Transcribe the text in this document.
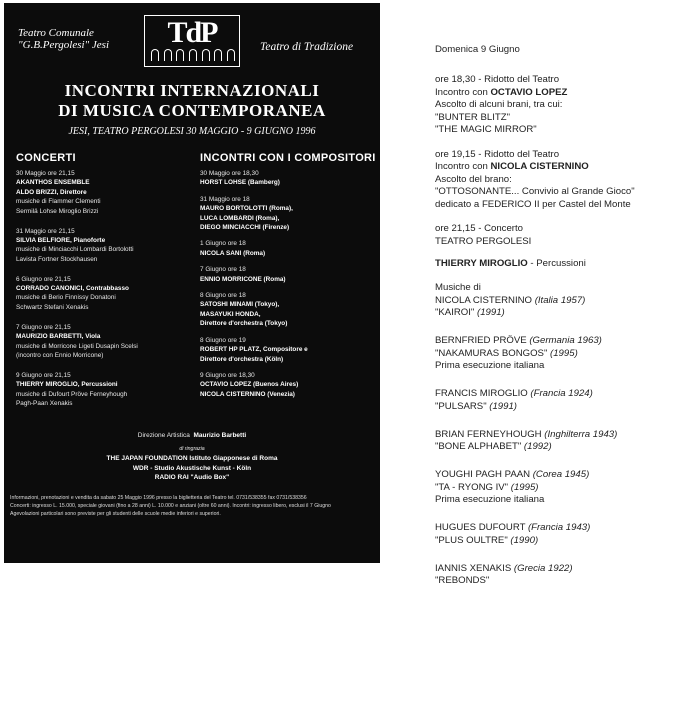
Teatro Comunale
"G.B.Pergolesi" Jesi	TdP	Teatro di Tradizione
INCONTRI INTERNAZIONALI
DI MUSICA CONTEMPORANEA
JESI, TEATRO PERGOLESI 30 MAGGIO - 9 GIUGNO 1996
CONCERTI	INCONTRI CON I COMPOSITORI
30 Maggio ore 21,15
AKANTHOS ENSEMBLE
ALDO BRIZZI, Direttore
musiche di Flammer Clementi
Sermilä Lohse Miroglio Brizzi
31 Maggio ore 21,15
SILVIA BELFIORE, Pianoforte
musiche di Minciacchi Lombardi Bortolotti
Lavista Fortner Stockhausen
6 Giugno ore 21,15
CORRADO CANONICI, Contrabbasso
musiche di Berio Finnissy Donatoni
Schwartz Stefani Xenakis
7 Giugno ore 21,15
MAURIZIO BARBETTI, Viola
musiche di Morricone Ligeti Dusapin Scelsi
(incontro con Ennio Morricone)
9 Giugno ore 21,15
THIERRY MIROGLIO, Percussioni
musiche di Dufourt Pröve Ferneyhough
Pagh-Paan Xenakis
30 Maggio ore 18,30
HORST LOHSE (Bamberg)
31 Maggio ore 18
MAURO BORTOLOTTI (Roma),
LUCA LOMBARDI (Roma),
DIEGO MINCIACCHI (Firenze)
1 Giugno ore 18
NICOLA SANI (Roma)
7 Giugno ore 18
ENNIO MORRICONE (Roma)
8 Giugno ore 18
SATOSHI MINAMI (Tokyo),
MASAYUKI HONDA,
Direttore d'orchestra (Tokyo)
8 Giugno ore 19
ROBERT HP PLATZ, Compositore e
Direttore d'orchestra (Köln)
9 Giugno ore 18,30
OCTAVIO LOPEZ (Buenos Aires)
NICOLA CISTERNINO (Venezia)
Direzione Artistica Maurizio Barbetti
di ringrazia
THE JAPAN FOUNDATION Istituto Giapponese di Roma
WDR - Studio Akustische Kunst - Köln
RADIO RAI "Audio Box"
Informazioni, prenotazioni e vendita da sabato 25 Maggio 1996 presso la biglietteria del Teatro tel. 0731/538355 fax 0731/538356
Concerti: ingresso L. 15.000, speciale giovani (fino a 28 anni) L. 10.000 e anziani (oltre 60 anni). Incontri: ingresso libero, esclusi il 7 Giugno
Agevolazioni particolari sono previste per gli studenti delle scuole medie inferiori e superiori.
Domenica 9 Giugno
ore 18,30 - Ridotto del Teatro
Incontro con OCTAVIO LOPEZ
Ascolto di alcuni brani, tra cui:
"BUNTER BLITZ"
"THE MAGIC MIRROR"
ore 19,15 - Ridotto del Teatro
Incontro con NICOLA CISTERNINO
Ascolto del brano:
"OTTOSONANTE... Convivio al Grande Gioco"
dedicato a FEDERICO II per Castel del Monte
ore 21,15 - Concerto
TEATRO PERGOLESI
THIERRY MIROGLIO - Percussioni
Musiche di
NICOLA CISTERNINO (Italia 1957)
"KAIROI" (1991)
BERNFRIED PRÖVE (Germania 1963)
"NAKAMURAS BONGOS" (1995)
Prima esecuzione italiana
FRANCIS MIROGLIO (Francia 1924)
"PULSARS" (1991)
BRIAN FERNEYHOUGH (Inghilterra 1943)
"BONE ALPHABET" (1992)
YOUGHI PAGH PAAN (Corea 1945)
"TA - RYONG IV" (1995)
Prima esecuzione italiana
HUGUES DUFOURT (Francia 1943)
"PLUS OULTRE" (1990)
IANNIS XENAKIS (Grecia 1922)
"REBONDS"
